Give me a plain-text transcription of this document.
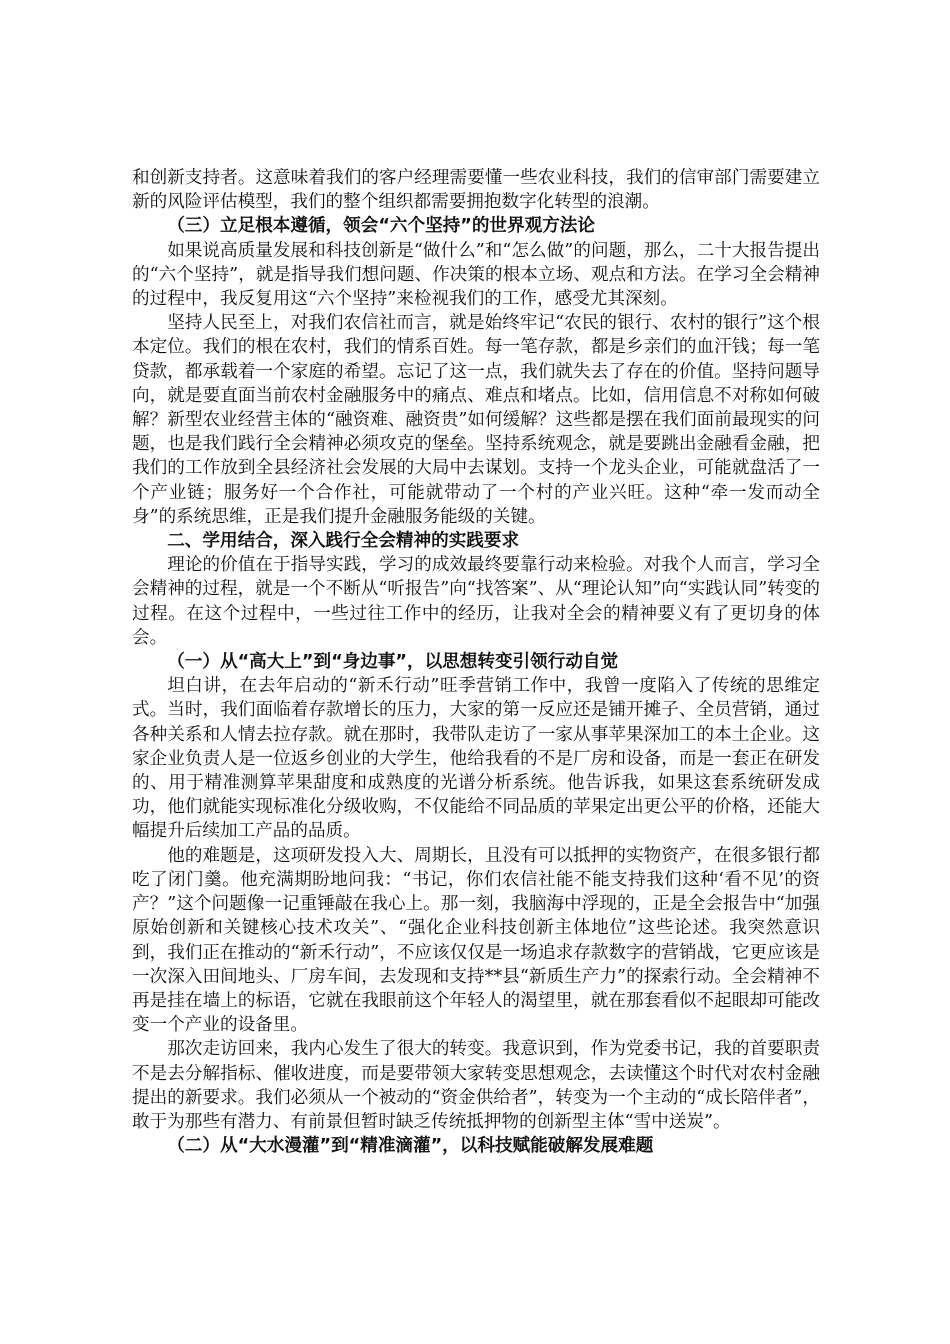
和创新支持者。这意味着我们的客户经理需要懂一些农业科技，我们的信审部门需要建立新的风险评估模型，我们的整个组织都需要拥抱数字化转型的浪潮。

（三）立足根本遵循，领会“六个坚持”的世界观方法论

如果说高质量发展和科技创新是“做什么”和“怎么做”的问题，那么，二十大报告提出的“六个坚持”，就是指导我们想问题、作决策的根本立场、观点和方法。在学习全会精神的过程中，我反复用这“六个坚持”来检视我们的工作，感受尤其深刻。

坚持人民至上，对我们农信社而言，就是始终牢记“农民的银行、农村的银行”这个根本定位。我们的根在农村，我们的情系百姓。每一笔存款，都是乡亲们的血汗钱；每一笔贷款，都承载着一个家庭的希望。忘记了这一点，我们就失去了存在的价值。坚持问题导向，就是要直面当前农村金融服务中的痛点、难点和堵点。比如，信用信息不对称如何破解？新型农业经营主体的“融资难、融资贵”如何缓解？这些都是摆在我们面前最现实的问题，也是我们践行全会精神必须攻克的堡垒。坚持系统观念，就是要跳出金融看金融，把我们的工作放到全县经济社会发展的大局中去谋划。支持一个龙头企业，可能就盘活了一个产业链；服务好一个合作社，可能就带动了一个村的产业兴旺。这种“牵一发而动全身”的系统思维，正是我们提升金融服务能级的关键。

二、学用结合，深入践行全会精神的实践要求

理论的价值在于指导实践，学习的成效最终要靠行动来检验。对我个人而言，学习全会精神的过程，就是一个不断从“听报告”向“找答案”、从“理论认知”向“实践认同”转变的过程。在这个过程中，一些过往工作中的经历，让我对全会的精神要义有了更切身的体会。

（一）从“高大上”到“身边事”，以思想转变引领行动自觉

坦白讲，在去年启动的“新禾行动”旺季营销工作中，我曾一度陷入了传统的思维定式。当时，我们面临着存款增长的压力，大家的第一反应还是铺开摊子、全员营销，通过各种关系和人情去拉存款。就在那时，我带队走访了一家从事苹果深加工的本土企业。这家企业负责人是一位返乡创业的大学生，他给我看的不是厂房和设备，而是一套正在研发的、用于精准测算苹果甜度和成熟度的光谱分析系统。他告诉我，如果这套系统研发成功，他们就能实现标准化分级收购，不仅能给不同品质的苹果定出更公平的价格，还能大幅提升后续加工产品的品质。

他的难题是，这项研发投入大、周期长，且没有可以抵押的实物资产，在很多银行都吃了闭门羹。他充满期盼地问我：“书记，你们农信社能不能支持我们这种‘看不见’的资产？”这个问题像一记重锤敲在我心上。那一刻，我脑海中浮现的，正是全会报告中“加强原始创新和关键核心技术攻关”、“强化企业科技创新主体地位”这些论述。我突然意识到，我们正在推动的“新禾行动”，不应该仅仅是一场追求存款数字的营销战，它更应该是一次深入田间地头、厂房车间，去发现和支持**县“新质生产力”的探索行动。全会精神不再是挂在墙上的标语，它就在我眼前这个年轻人的渴望里，就在那套看似不起眼却可能改变一个产业的设备里。

那次走访回来，我内心发生了很大的转变。我意识到，作为党委书记，我的首要职责不是去分解指标、催收进度，而是要带领大家转变思想观念，去读懂这个时代对农村金融提出的新要求。我们必须从一个被动的“资金供给者”，转变为一个主动的“成长陪伴者”，敢于为那些有潜力、有前景但暂时缺乏传统抵押物的创新型主体“雪中送炭”。

（二）从“大水漫灌”到“精准滴灌”，以科技赋能破解发展难题
